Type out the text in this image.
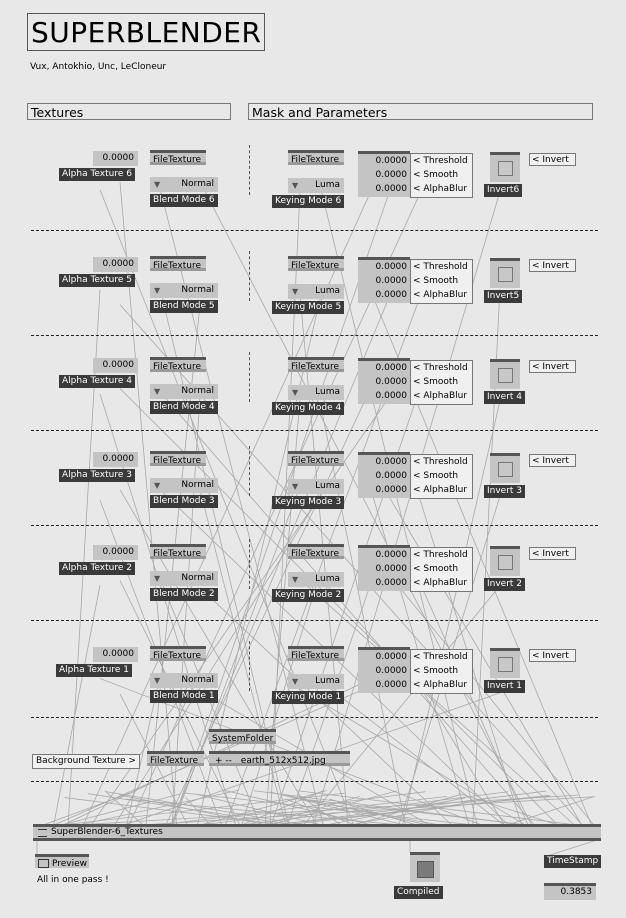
SUPERBLENDER
Vux, Antokhio, Unc, LeCloneur
Textures	Mask and Parameters
0.0000
Alpha Texture 6
FileTexture
▼ Normal
Blend Mode 6
FileTexture
▼ Luma
Keying Mode 6
0.0000
0.0000
0.0000
< Threshold
< Smooth
< AlphaBlur	Invert6
< Invert
0.0000
Alpha Texture 5
FileTexture
▼ Normal
Blend Mode 5
FileTexture
▼ Luma
Keying Mode 5
0.0000
0.0000
0.0000
< Threshold
< Smooth
< AlphaBlur	Invert5
< Invert
0.0000
Alpha Texture 4
FileTexture
▼ Normal
Blend Mode 4
FileTexture
▼ Luma
Keying Mode 4
0.0000
0.0000
0.0000
< Threshold
< Smooth
< AlphaBlur	Invert 4
< Invert
0.0000
Alpha Texture 3
FileTexture
▼ Normal
Blend Mode 3
FileTexture
▼ Luma
Keying Mode 3
0.0000
0.0000
0.0000
< Threshold
< Smooth
< AlphaBlur	Invert 3
< Invert
0.0000
Alpha Texture 2
FileTexture
▼ Normal
Blend Mode 2
FileTexture
▼ Luma
Keying Mode 2
0.0000
0.0000
0.0000
< Threshold
< Smooth
< AlphaBlur	Invert 2
< Invert
0.0000
Alpha Texture 1
FileTexture
▼ Normal
Blend Mode 1
FileTexture
▼ Luma
Keying Mode 1
0.0000
0.0000
0.0000
< Threshold
< Smooth
< AlphaBlur	Invert 1
< Invert
SystemFolder
Background Texture >	FileTexture	+ -- earth_512x512.jpg
SuperBlender-6_Textures
Preview
All in one pass !
Compiled
TimeStamp
0.3853
